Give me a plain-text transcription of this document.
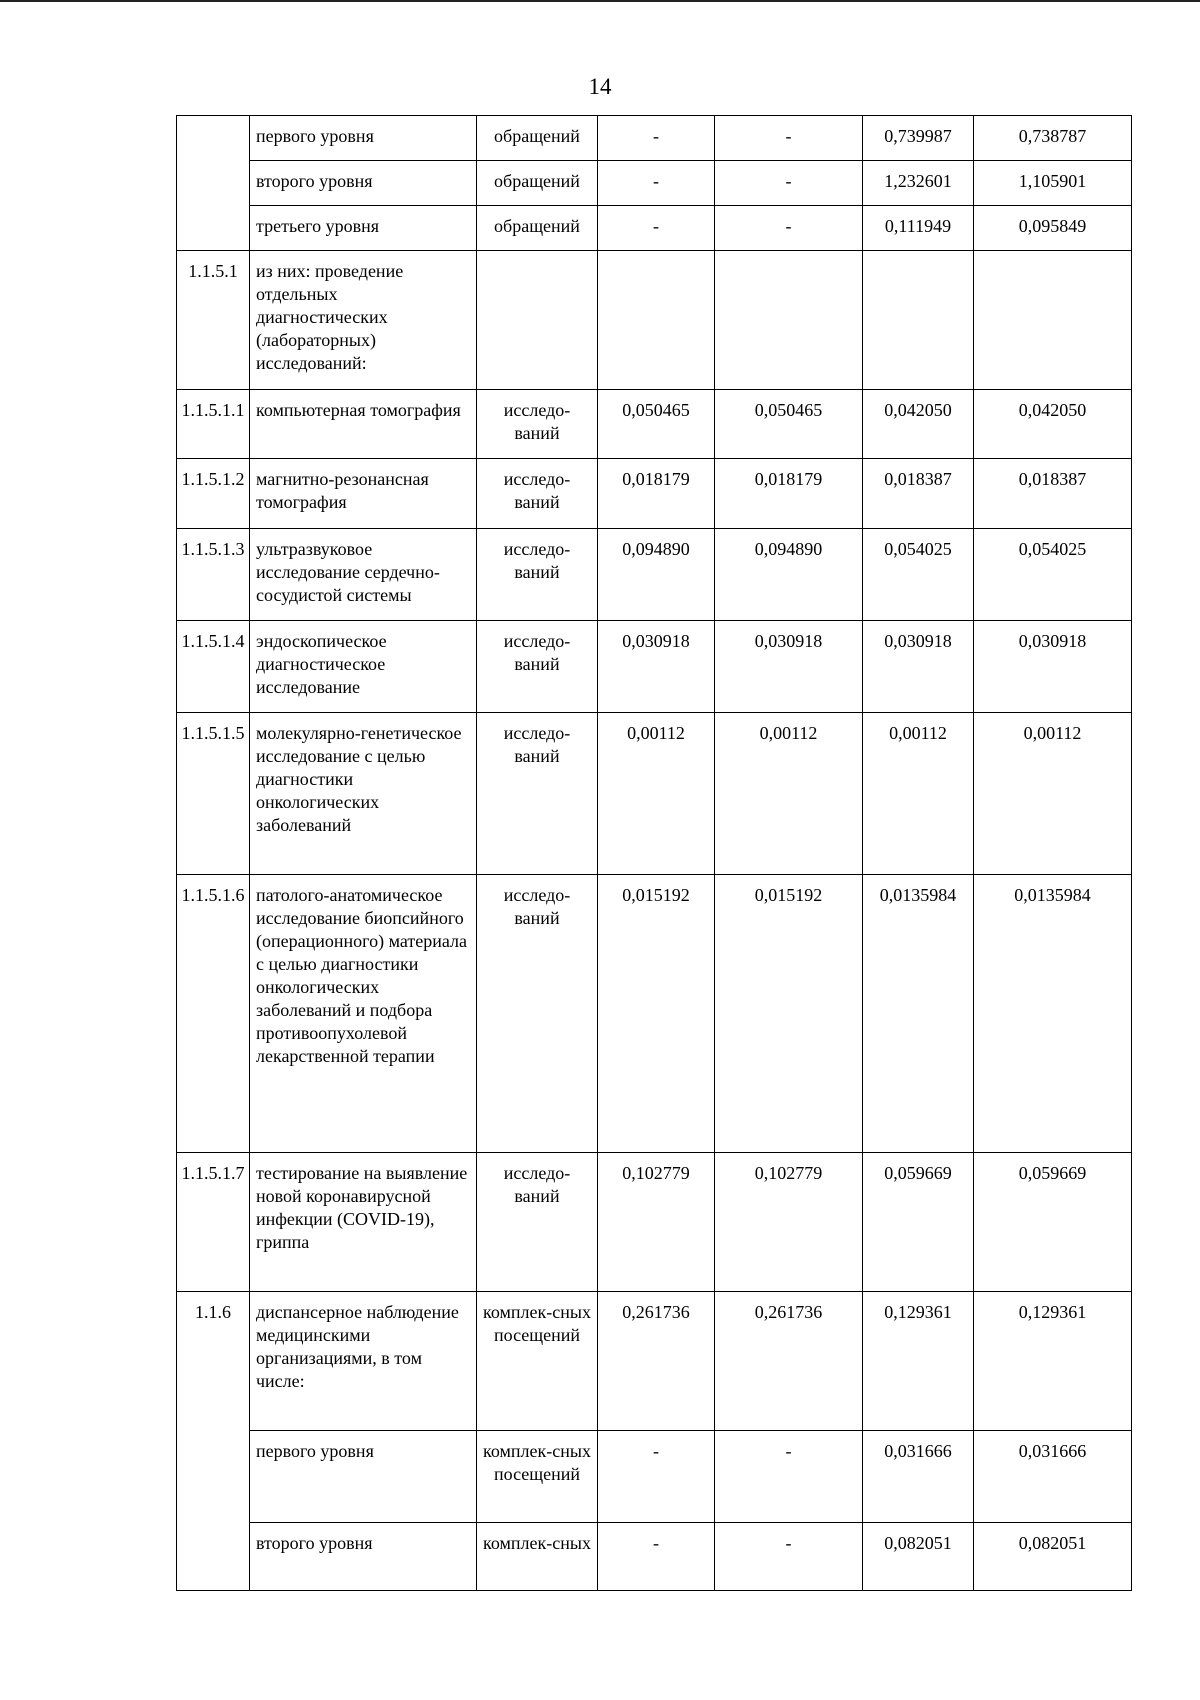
14
	первого уровня	обращений	-	-	0,739987	0,738787
	второго уровня	обращений	-	-	1,232601	1,105901
	третьего уровня	обращений	-	-	0,111949	0,095849
1.1.5.1	из них: проведение отдельных диагностических (лабораторных) исследований:					
1.1.5.1.1	компьютерная томография	исследо-ваний	0,050465	0,050465	0,042050	0,042050
1.1.5.1.2	магнитно-резонансная томография	исследо-ваний	0,018179	0,018179	0,018387	0,018387
1.1.5.1.3	ультразвуковое исследование сердечно-сосудистой системы	исследо-ваний	0,094890	0,094890	0,054025	0,054025
1.1.5.1.4	эндоскопическое диагностическое исследование	исследо-ваний	0,030918	0,030918	0,030918	0,030918
1.1.5.1.5	молекулярно-генетическое исследование с целью диагностики онкологических заболеваний	исследо-ваний	0,00112	0,00112	0,00112	0,00112
1.1.5.1.6	патолого-анатомическое исследование биопсийного (операционного) материала с целью диагностики онкологических заболеваний и подбора противоопухолевой лекарственной терапии	исследо-ваний	0,015192	0,015192	0,0135984	0,0135984
1.1.5.1.7	тестирование на выявление новой коронавирусной инфекции (COVID-19), гриппа	исследо-ваний	0,102779	0,102779	0,059669	0,059669
1.1.6	диспансерное наблюдение медицинскими организациями, в том числе:	комплек-сных посещений	0,261736	0,261736	0,129361	0,129361
	первого уровня	комплек-сных посещений	-	-	0,031666	0,031666
	второго уровня	комплек-сных	-	-	0,082051	0,082051
